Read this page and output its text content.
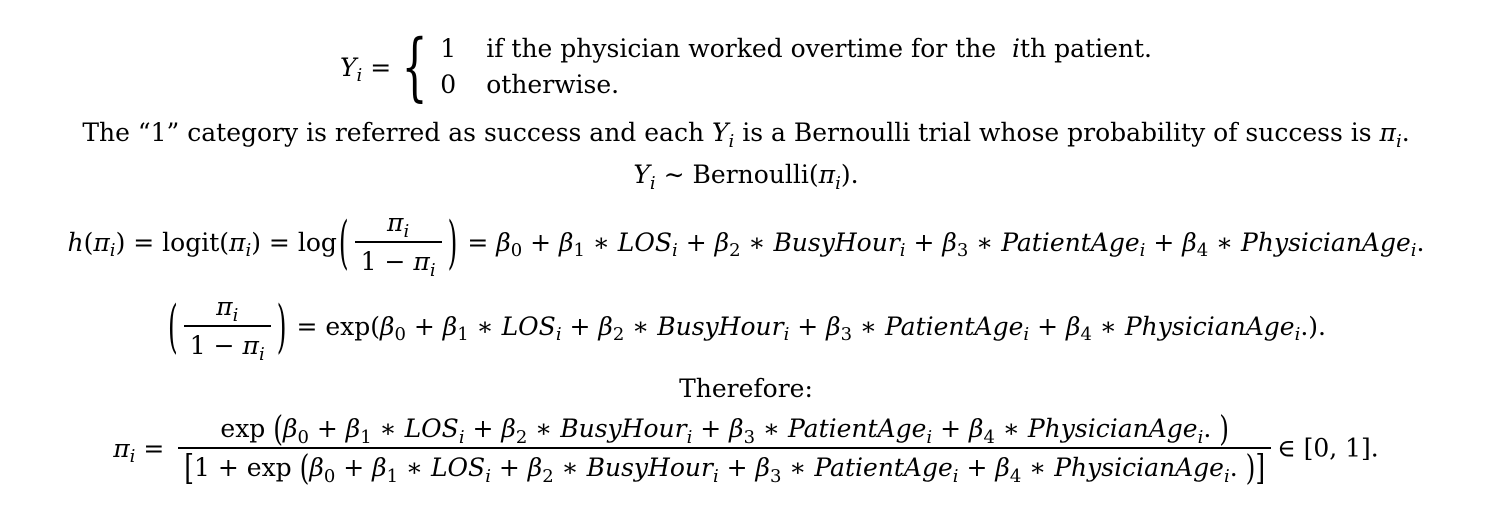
$Y_i$ = { 1 if the physician worked overtime for the ith patient.
0 otherwise.
The “1” category is referred as success and each $Y_i$ is a Bernoulli trial whose probability of success is $\pi_i$.
$Y_i$ ∼ $Bernoulli(\pi_i)$.
$h(\pi_i)$ = $logit(\pi_i) = \log( \frac{\pi_i}{1 - \pi_i}$ ) = $\beta_0 + \beta_1$ ∗ $LOS_i + \beta_2$ ∗ BusyHour$_i$ + $\beta_3$ ∗ PatientAge$_i$ + $\beta_4$ ∗ PhysicianAge$_i$.
( $\frac{\pi_i}{1 - \pi_i}$ ) = $\exp(\beta_0 + \beta_1$ ∗ $LOS_i + \beta_2$ ∗ BusyHour$_i$ + $\beta_3$ ∗ PatientAge$_i$ + $\beta_4$ ∗ PhysicianAge$_i$.).
Therefore:
$\pi_i$ =
$\exp (\beta_0 + \beta_1$ ∗ $LOS_i + \beta_2$ ∗ BusyHour$_i$ + $\beta_3$ ∗ PatientAge$_i$ + $\beta_4$ ∗ PhysicianAge$_i$. )
[$1 + \exp (\beta_0 + \beta_1$ ∗ $LOS_i + \beta_2$ ∗ BusyHour$_i$ + $\beta_3$ ∗ PatientAge$_i$ + $\beta_4$ ∗ PhysicianAge$_i$. )] ∈ [0, 1].
